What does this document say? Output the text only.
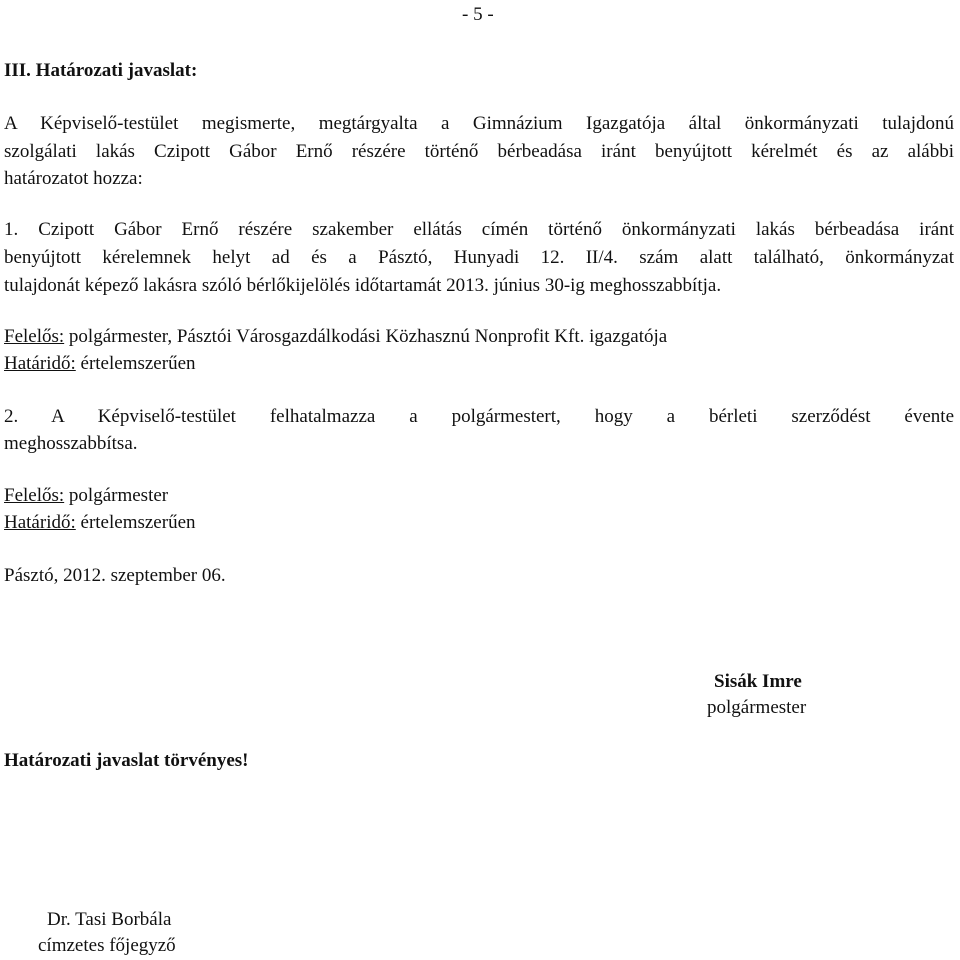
- 5 -
III. Határozati javaslat:
A Képviselő-testület megismerte, megtárgyalta a Gimnázium Igazgatója által önkormányzati tulajdonú
szolgálati lakás Czipott Gábor Ernő részére történő bérbeadása iránt benyújtott kérelmét és az alábbi
határozatot hozza:
1. Czipott Gábor Ernő részére szakember ellátás címén történő önkormányzati lakás bérbeadása iránt
benyújtott kérelemnek helyt ad és a Pásztó, Hunyadi 12. II/4. szám alatt található, önkormányzat
tulajdonát képező lakásra szóló bérlőkijelölés időtartamát 2013. június 30-ig meghosszabbítja.
Felelős: polgármester, Pásztói Városgazdálkodási Közhasznú Nonprofit Kft. igazgatója
Határidő: értelemszerűen
2. A Képviselő-testület felhatalmazza a polgármestert, hogy a bérleti szerződést évente
meghosszabbítsa.
Felelős: polgármester
Határidő: értelemszerűen
Pásztó, 2012. szeptember 06.
Sisák Imre
polgármester
Határozati javaslat törvényes!
Dr. Tasi Borbála
címzetes főjegyző
